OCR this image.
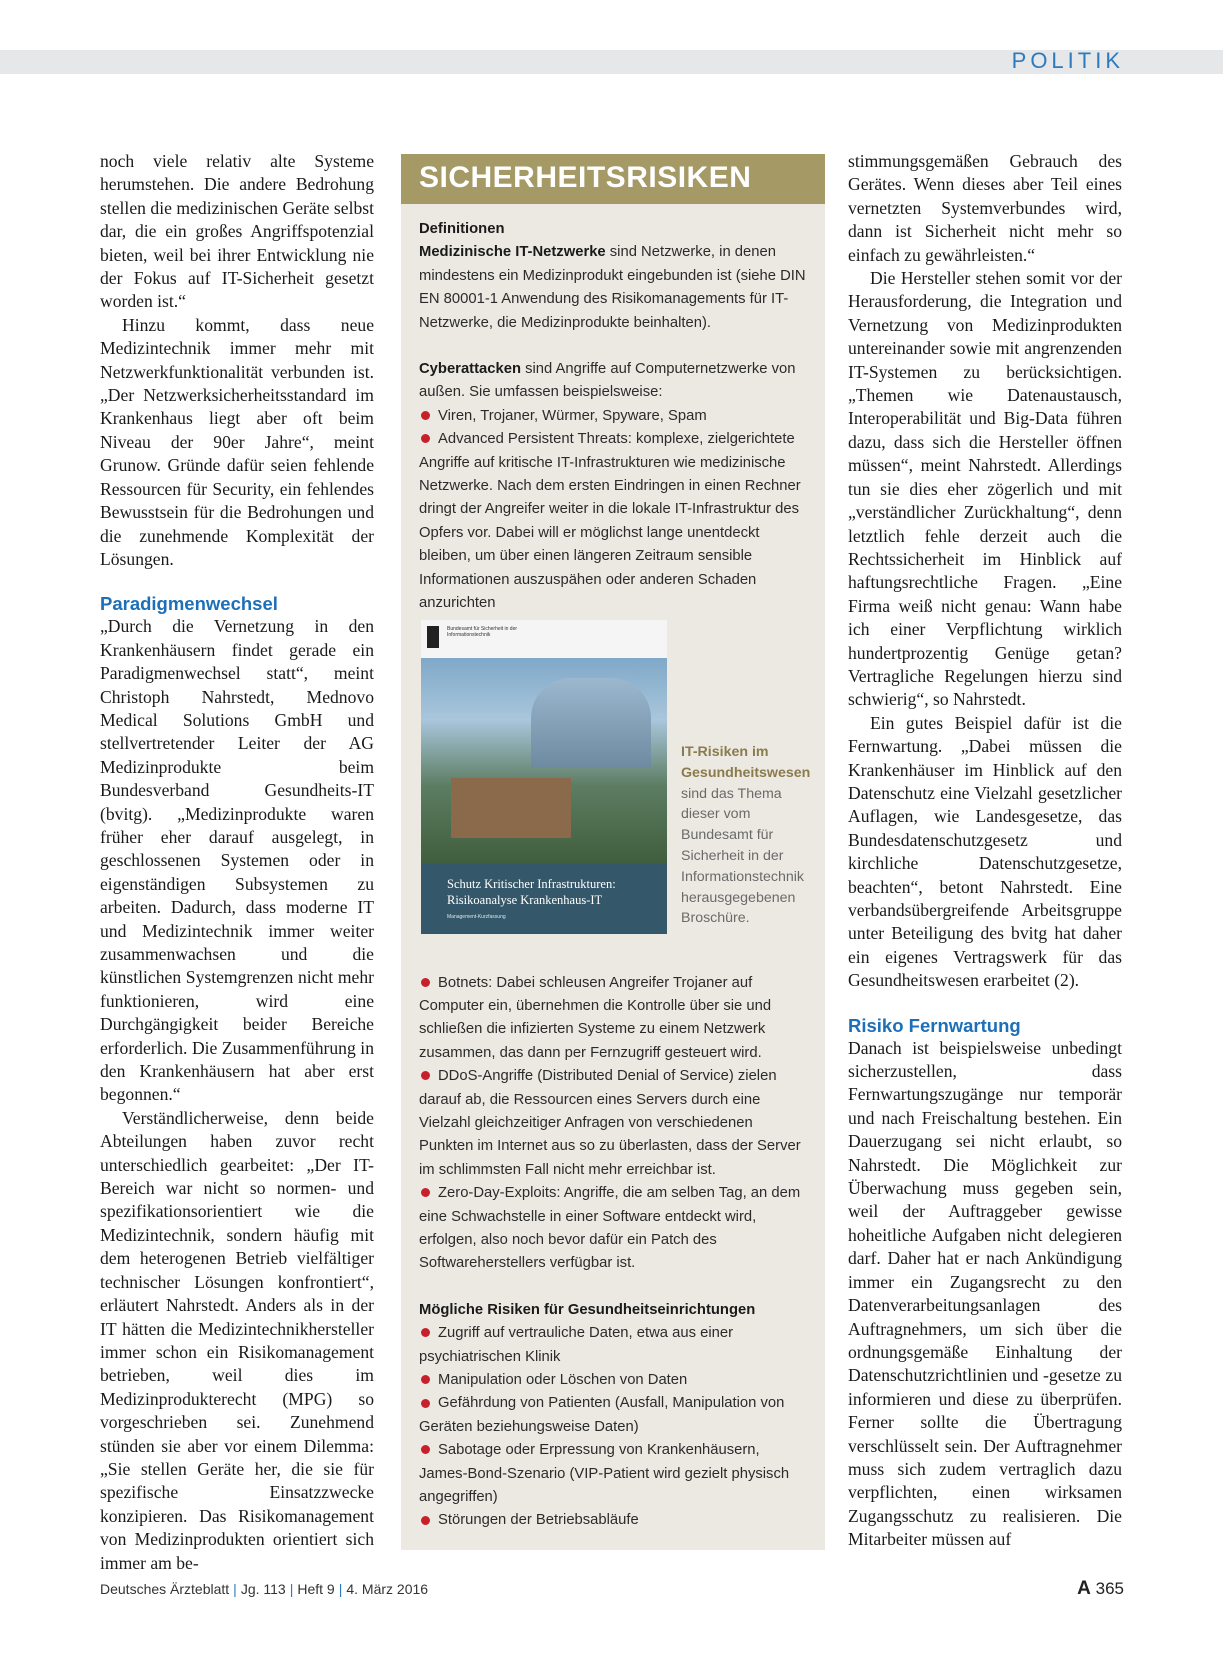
POLITIK

noch viele relativ alte Systeme herumstehen. Die andere Bedrohung stellen die medizinischen Geräte selbst dar, die ein großes Angriffspotenzial bieten, weil bei ihrer Entwicklung nie der Fokus auf IT-Sicherheit gesetzt worden ist.“

Hinzu kommt, dass neue Medizintechnik immer mehr mit Netzwerkfunktionalität verbunden ist. „Der Netzwerksicherheitsstandard im Krankenhaus liegt aber oft beim Niveau der 90er Jahre“, meint Grunow. Gründe dafür seien fehlende Ressourcen für Security, ein fehlendes Bewusstsein für die Bedrohungen und die zunehmende Komplexität der Lösungen.

Paradigmenwechsel

„Durch die Vernetzung in den Krankenhäusern findet gerade ein Paradigmenwechsel statt“, meint Christoph Nahrstedt, Mednovo Medical Solutions GmbH und stellvertretender Leiter der AG Medizinprodukte beim Bundesverband Gesundheits-IT (bvitg). „Medizinprodukte waren früher eher darauf ausgelegt, in geschlossenen Systemen oder in eigenständigen Subsystemen zu arbeiten. Dadurch, dass moderne IT und Medizintechnik immer weiter zusammenwachsen und die künstlichen Systemgrenzen nicht mehr funktionieren, wird eine Durchgängigkeit beider Bereiche erforderlich. Die Zusammenführung in den Krankenhäusern hat aber erst begonnen.“

Verständlicherweise, denn beide Abteilungen haben zuvor recht unterschiedlich gearbeitet: „Der IT-Bereich war nicht so normen- und spezifikationsorientiert wie die Medizintechnik, sondern häufig mit dem heterogenen Betrieb vielfältiger technischer Lösungen konfrontiert“, erläutert Nahrstedt. Anders als in der IT hätten die Medizintechnikhersteller immer schon ein Risikomanagement betrieben, weil dies im Medizinprodukterecht (MPG) so vorgeschrieben sei. Zunehmend stünden sie aber vor einem Dilemma: „Sie stellen Geräte her, die sie für spezifische Einsatzzwecke konzipieren. Das Risikomanagement von Medizinprodukten orientiert sich immer am be-

SICHERHEITSRISIKEN

Definitionen

Medizinische IT-Netzwerke sind Netzwerke, in denen mindestens ein Medizinprodukt eingebunden ist (siehe DIN EN 80001-1 Anwendung des Risikomanagements für IT-Netzwerke, die Medizinprodukte beinhalten).

Cyberattacken sind Angriffe auf Computernetzwerke von außen. Sie umfassen beispielsweise:

Viren, Trojaner, Würmer, Spyware, Spam

Advanced Persistent Threats: komplexe, zielgerichtete Angriffe auf kritische IT-Infrastrukturen wie medizinische Netzwerke. Nach dem ersten Eindringen in einen Rechner dringt der Angreifer weiter in die lokale IT-Infrastruktur des Opfers vor. Dabei will er möglichst lange unentdeckt bleiben, um über einen längeren Zeitraum sensible Informationen auszuspähen oder anderen Schaden anzurichten

Botnets: Dabei schleusen Angreifer Trojaner auf Computer ein, übernehmen die Kontrolle über sie und schließen die infizierten Systeme zu einem Netzwerk zusammen, das dann per Fernzugriff gesteuert wird.

DDoS-Angriffe (Distributed Denial of Service) zielen darauf ab, die Ressourcen eines Servers durch eine Vielzahl gleichzeitiger Anfragen von verschiedenen Punkten im Internet aus so zu überlasten, dass der Server im schlimmsten Fall nicht mehr erreichbar ist.

Zero-Day-Exploits: Angriffe, die am selben Tag, an dem eine Schwachstelle in einer Software entdeckt wird, erfolgen, also noch bevor dafür ein Patch des Softwareherstellers verfügbar ist.

Mögliche Risiken für Gesundheitseinrichtungen

Zugriff auf vertrauliche Daten, etwa aus einer psychiatrischen Klinik

Manipulation oder Löschen von Daten

Gefährdung von Patienten (Ausfall, Manipulation von Geräten beziehungsweise Daten)

Sabotage oder Erpressung von Krankenhäusern, James-Bond-Szenario (VIP-Patient wird gezielt physisch angegriffen)

Störungen der Betriebsabläufe

Bundesamt für Sicherheit in der Informationstechnik
Schutz Kritischer Infrastrukturen:
Risikoanalyse Krankenhaus-IT
Management-Kurzfassung
IT-Risiken im Gesundheitswesen sind das Thema dieser vom Bundesamt für Sicherheit in der Informationstechnik herausgegebenen Broschüre.

stimmungsgemäßen Gebrauch des Gerätes. Wenn dieses aber Teil eines vernetzten Systemverbundes wird, dann ist Sicherheit nicht mehr so einfach zu gewährleisten.“

Die Hersteller stehen somit vor der Herausforderung, die Integration und Vernetzung von Medizinprodukten untereinander sowie mit angrenzenden IT-Systemen zu berücksichtigen. „Themen wie Datenaustausch, Interoperabilität und Big-Data führen dazu, dass sich die Hersteller öffnen müssen“, meint Nahrstedt. Allerdings tun sie dies eher zögerlich und mit „verständlicher Zurückhaltung“, denn letztlich fehle derzeit auch die Rechtssicherheit im Hinblick auf haftungsrechtliche Fragen. „Eine Firma weiß nicht genau: Wann habe ich einer Verpflichtung wirklich hundertprozentig Genüge getan? Vertragliche Regelungen hierzu sind schwierig“, so Nahrstedt.

Ein gutes Beispiel dafür ist die Fernwartung. „Dabei müssen die Krankenhäuser im Hinblick auf den Datenschutz eine Vielzahl gesetzlicher Auflagen, wie Landesgesetze, das Bundesdatenschutzgesetz und kirchliche Datenschutzgesetze, beachten“, betont Nahrstedt. Eine verbandsübergreifende Arbeitsgruppe unter Beteiligung des bvitg hat daher ein eigenes Vertragswerk für das Gesundheitswesen erarbeitet (2).

Risiko Fernwartung

Danach ist beispielsweise unbedingt sicherzustellen, dass Fernwartungszugänge nur temporär und nach Freischaltung bestehen. Ein Dauerzugang sei nicht erlaubt, so Nahrstedt. Die Möglichkeit zur Überwachung muss gegeben sein, weil der Auftraggeber gewisse hoheitliche Aufgaben nicht delegieren darf. Daher hat er nach Ankündigung immer ein Zugangsrecht zu den Datenverarbeitungsanlagen des Auftragnehmers, um sich über die ordnungsgemäße Einhaltung der Datenschutzrichtlinien und -gesetze zu informieren und diese zu überprüfen. Ferner sollte die Übertragung verschlüsselt sein. Der Auftragnehmer muss sich zudem vertraglich dazu verpflichten, einen wirksamen Zugangsschutz zu realisieren. Die Mitarbeiter müssen auf

Deutsches Ärzteblatt | Jg. 113 | Heft 9 | 4. März 2016	A 365
